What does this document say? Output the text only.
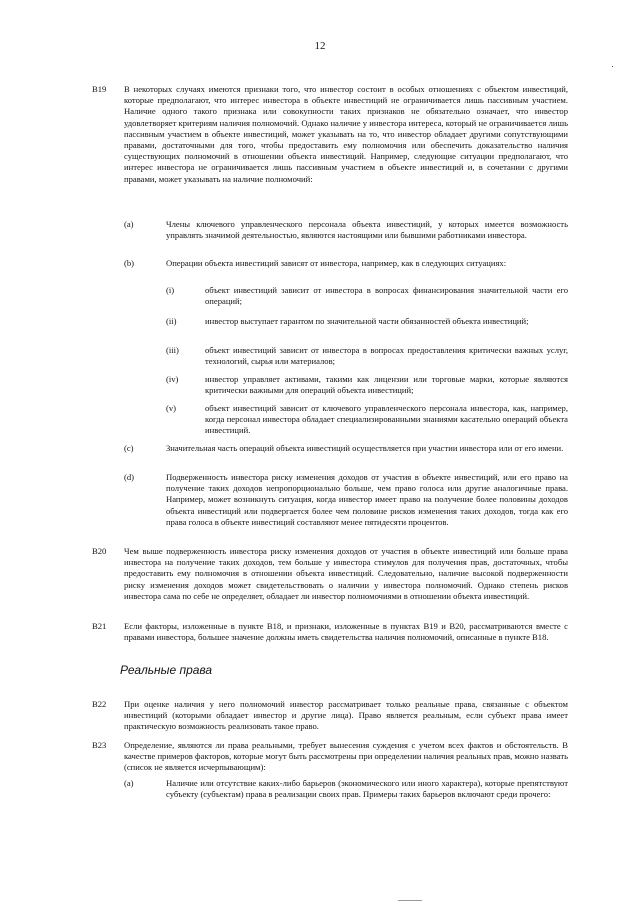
12
B19 В некоторых случаях имеются признаки того, что инвестор состоит в особых отношениях с объектом инвестиций, которые предполагают, что интерес инвестора в объекте инвестиций не ограничивается лишь пассивным участием. Наличие одного такого признака или совокупности таких признаков не обязательно означает, что инвестор удовлетворяет критериям наличия полномочий. Однако наличие у инвестора интереса, который не ограничивается лишь пассивным участием в объекте инвестиций, может указывать на то, что инвестор обладает другими сопутствующими правами, достаточными для того, чтобы предоставить ему полномочия или обеспечить доказательство наличия существующих полномочий в отношении объекта инвестиций. Например, следующие ситуации предполагают, что интерес инвестора не ограничивается лишь пассивным участием в объекте инвестиций и, в сочетании с другими правами, может указывать на наличие полномочий:
(a)	Члены ключевого управленческого персонала объекта инвестиций, у которых имеется возможность управлять значимой деятельностью, являются настоящими или бывшими работниками инвестора.
(b)	Операции объекта инвестиций зависят от инвестора, например, как в следующих ситуациях:
(i)	объект инвестиций зависит от инвестора в вопросах финансирования значительной части его операций;
(ii)	инвестор выступает гарантом по значительной части обязанностей объекта инвестиций;
(iii)	объект инвестиций зависит от инвестора в вопросах предоставления критически важных услуг, технологий, сырья или материалов;
(iv)	инвестор управляет активами, такими как лицензии или торговые марки, которые являются критически важными для операций объекта инвестиций;
(v)	объект инвестиций зависит от ключевого управленческого персонала инвестора, как, например, когда персонал инвестора обладает специализированными знаниями касательно операций объекта инвестиций.
(c)	Значительная часть операций объекта инвестиций осуществляется при участии инвестора или от его имени.
(d)	Подверженность инвестора риску изменения доходов от участия в объекте инвестиций, или его право на получение таких доходов непропорционально больше, чем право голоса или другие аналогичные права. Например, может возникнуть ситуация, когда инвестор имеет право на получение более половины доходов объекта инвестиций или подвергается более чем половине рисков изменения таких доходов, тогда как его права голоса в объекте инвестиций составляют менее пятидесяти процентов.
B20 Чем выше подверженность инвестора риску изменения доходов от участия в объекте инвестиций или больше права инвестора на получение таких доходов, тем больше у инвестора стимулов для получения прав, достаточных, чтобы предоставить ему полномочия в отношении объекта инвестиций. Следовательно, наличие высокой подверженности риску изменения доходов может свидетельствовать о наличии у инвестора полномочий. Однако степень рисков инвестора сама по себе не определяет, обладает ли инвестор полномочиями в отношении объекта инвестиций.
B21 Если факторы, изложенные в пункте B18, и признаки, изложенные в пунктах B19 и B20, рассматриваются вместе с правами инвестора, большее значение должны иметь свидетельства наличия полномочий, описанные в пункте B18.
Реальные права
B22 При оценке наличия у него полномочий инвестор рассматривает только реальные права, связанные с объектом инвестиций (которыми обладает инвестор и другие лица). Право является реальным, если субъект права имеет практическую возможность реализовать такое право.
B23 Определение, являются ли права реальными, требует вынесения суждения с учетом всех фактов и обстоятельств. В качестве примеров факторов, которые могут быть рассмотрены при определении наличия реальных прав, можно назвать (список не является исчерпывающим):
(a)	Наличие или отсутствие каких-либо барьеров (экономического или иного характера), которые препятствуют субъекту (субъектам) права в реализации своих прав. Примеры таких барьеров включают среди прочего:
